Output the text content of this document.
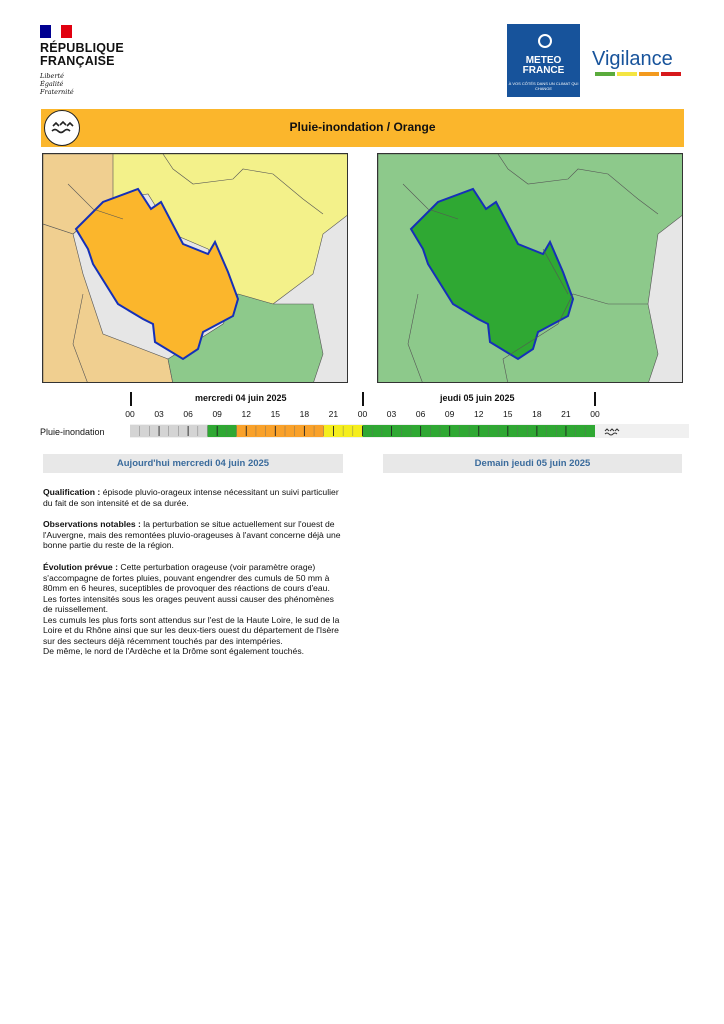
RÉPUBLIQUE
FRANÇAISE
Liberté
Égalité
Fraternité
METEO
FRANCE
À VOS CÔTÉS DANS UN CLIMAT QUI CHANGE
Vigilance
Pluie-inondation / Orange
mercredi 04 juin 2025	jeudi 05 juin 2025
00	03	06	09	12	15	18	21	00	03	06	09	12	15	18	21	00
Pluie-inondation
Aujourd'hui mercredi 04 juin 2025	Demain jeudi 05 juin 2025
Qualification : épisode pluvio-orageux intense nécessitant un suivi particulier du fait de son intensité et de sa durée.
Observations notables : la perturbation se situe actuellement sur l'ouest de l'Auvergne, mais des remontées pluvio-orageuses à l'avant concerne déjà une bonne partie du reste de la région.
Évolution prévue : Cette perturbation orageuse (voir paramètre orage) s'accompagne de fortes pluies, pouvant engendrer des cumuls de 50 mm à 80mm en 6 heures, suceptibles de provoquer des réactions de cours d'eau. Les fortes intensités sous les orages peuvent aussi causer des phénomènes de ruissellement.
Les cumuls les plus forts sont attendus sur l'est de la Haute Loire, le sud de la Loire et du Rhône ainsi que sur les deux-tiers ouest du département de l'Isère sur des secteurs déjà récemment touchés par des intempéries.
De même, le nord de l'Ardèche et la Drôme sont également touchés.
